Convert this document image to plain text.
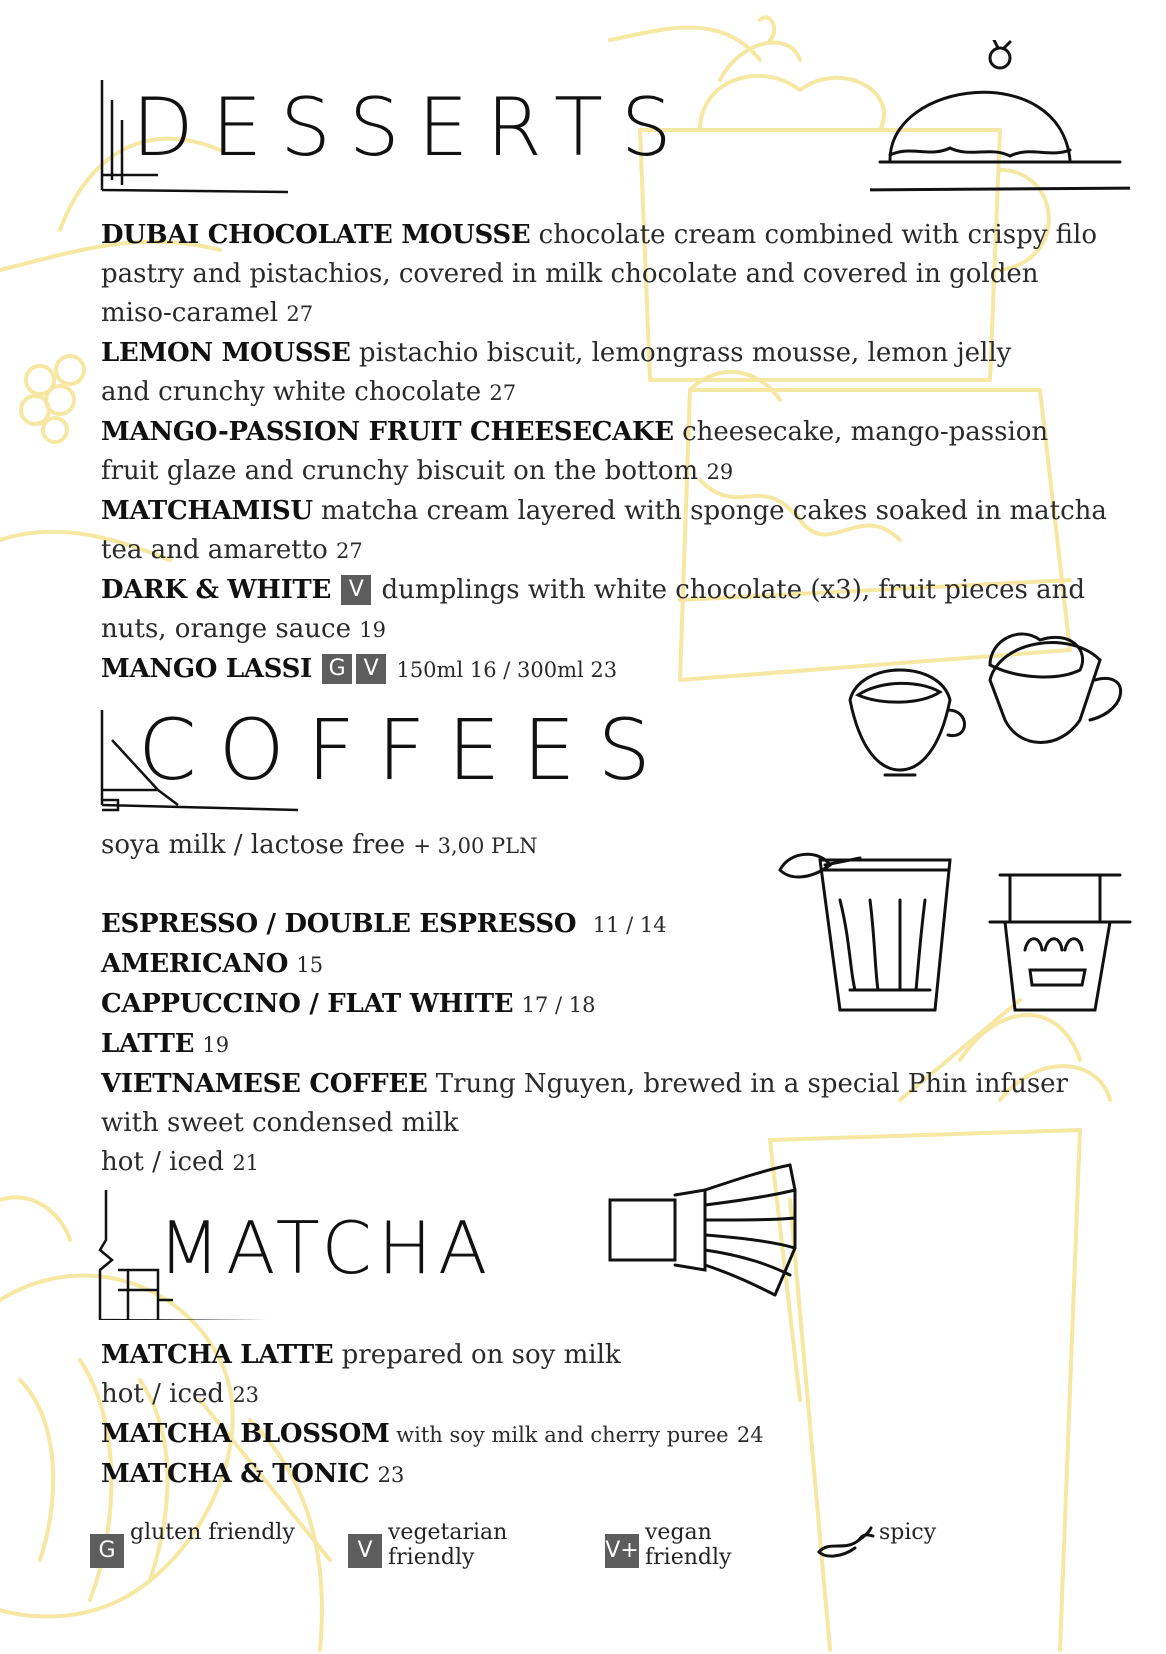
DESSERTS
COFFEES
MATCHA
DUBAI CHOCOLATE MOUSSE chocolate cream combined with crispy filo
pastry and pistachios, covered in milk chocolate and covered in golden
miso-caramel 27
LEMON MOUSSE pistachio biscuit, lemongrass mousse, lemon jelly
and crunchy white chocolate 27
MANGO-PASSION FRUIT CHEESECAKE cheesecake, mango-passion
fruit glaze and crunchy biscuit on the bottom 29
MATCHAMISU matcha cream layered with sponge cakes soaked in matcha
tea and amaretto 27
DARK & WHITE V dumplings with white chocolate (x3), fruit pieces and
nuts, orange sauce 19
MANGO LASSI G V 150ml 16 / 300ml 23
soya milk / lactose free + 3,00 PLN

ESPRESSO / DOUBLE ESPRESSO 11 / 14
AMERICANO 15
CAPPUCCINO / FLAT WHITE 17 / 18
LATTE 19
VIETNAMESE COFFEE Trung Nguyen, brewed in a special Phin infuser
with sweet condensed milk
hot / iced 21
MATCHA LATTE prepared on soy milk
hot / iced 23
MATCHA BLOSSOM with soy milk and cherry puree 24
MATCHA & TONIC 23
G
gluten friendly
V
vegetarian
friendly	V+
vegan
friendly
spicy
